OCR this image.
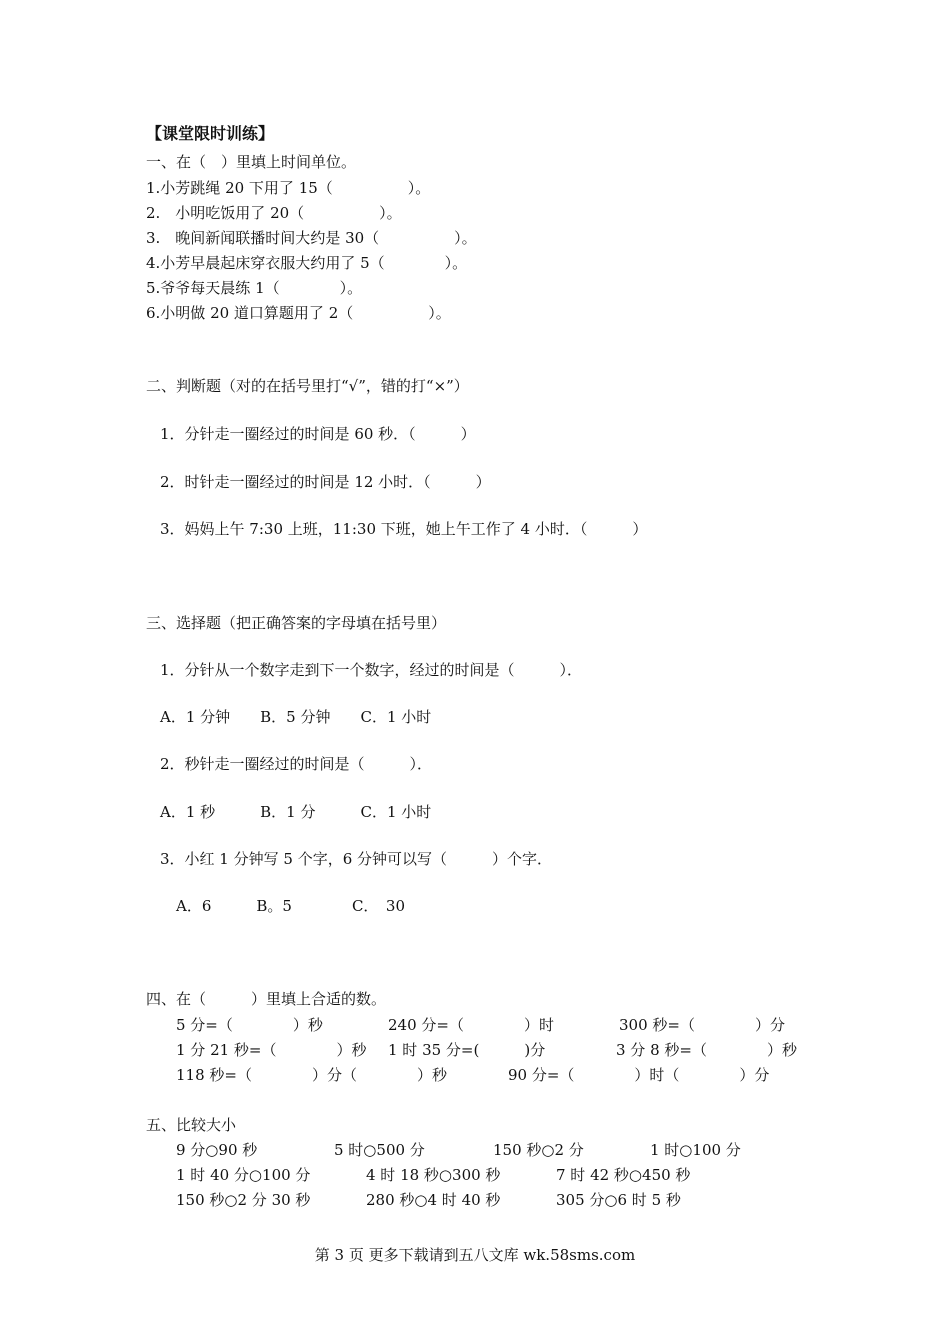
【课堂限时训练】
一、在（　）里填上时间单位。
1.小芳跳绳 20 下用了 15（　　　　　）。
2.　小明吃饭用了 20（　　　　　）。
3.　晚间新闻联播时间大约是 30（　　　　　）。
4.小芳早晨起床穿衣服大约用了 5（　　　　）。
5.爷爷每天晨练 1（　　　　）。
6.小明做 20 道口算题用了 2（　　　　　）。
二、判断题（对的在括号里打“√”，错的打“×”）
1．分针走一圈经过的时间是 60 秒．（　　　）
2．时针走一圈经过的时间是 12 小时．（　　　）
3．妈妈上午 7:30 上班，11:30 下班，她上午工作了 4 小时．（　　　）
三、选择题（把正确答案的字母填在括号里）
1．分针从一个数字走到下一个数字，经过的时间是（　　　）．
A．1 分钟　　B．5 分钟　　C．1 小时
2．秒针走一圈经过的时间是（　　　）．
A．1 秒　　　B．1 分　　　C．1 小时
3．小红 1 分钟写 5 个字，6 分钟可以写（　　　）个字．
A．6　　　B。5　　　　C．　30
四、在（　　　）里填上合适的数。
5 分=（　　　　）秒	240 分=（　　　　）时	300 秒=（　　　　）分
1 分 21 秒=（　　　　）秒 1 时 35 分=(　　　)分	3 分 8 秒=（　　　　）秒
118 秒=（　　　　）分（　　　　）秒	90 分=（　　　　）时（　　　　）分
五、比较大小
9 分○90 秒	5 时○500 分	150 秒○2 分	1 时○100 分
1 时 40 分○100 分	4 时 18 秒○300 秒	7 时 42 秒○450 秒
150 秒○2 分 30 秒	280 秒○4 时 40 秒	305 分○6 时 5 秒
第 3 页 更多下载请到五八文库 wk.58sms.com
